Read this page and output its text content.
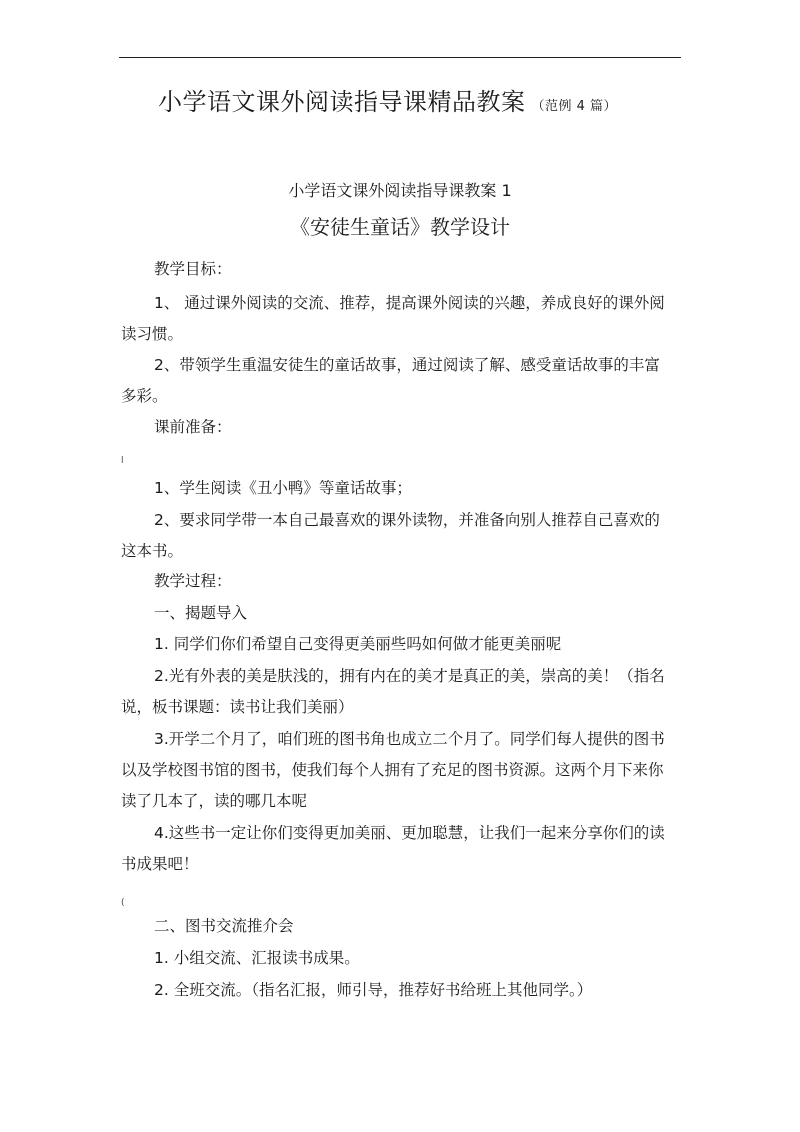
小学语文课外阅读指导课精品教案 （范例 4 篇）
小学语文课外阅读指导课教案 1
《安徒生童话》教学设计
教学目标：
1、 通过课外阅读的交流、推荐，提高课外阅读的兴趣，养成良好的课外阅
读习惯。
2、带领学生重温安徒生的童话故事，通过阅读了解、感受童话故事的丰富
多彩。
课前准备：
l
1、学生阅读《丑小鸭》等童话故事；
2、要求同学带一本自己最喜欢的课外读物，并准备向别人推荐自己喜欢的
这本书。
教学过程：
一、揭题导入
1. 同学们你们希望自己变得更美丽些吗如何做才能更美丽呢
2.光有外表的美是肤浅的，拥有内在的美才是真正的美，崇高的美！（指名
说，板书课题：读书让我们美丽）
3.开学二个月了，咱们班的图书角也成立二个月了。同学们每人提供的图书
以及学校图书馆的图书，使我们每个人拥有了充足的图书资源。这两个月下来你
读了几本了，读的哪几本呢
4.这些书一定让你们变得更加美丽、更加聪慧，让我们一起来分享你们的读
书成果吧！
(
二、图书交流推介会
1. 小组交流、汇报读书成果。
2. 全班交流。（指名汇报，师引导，推荐好书给班上其他同学。）
